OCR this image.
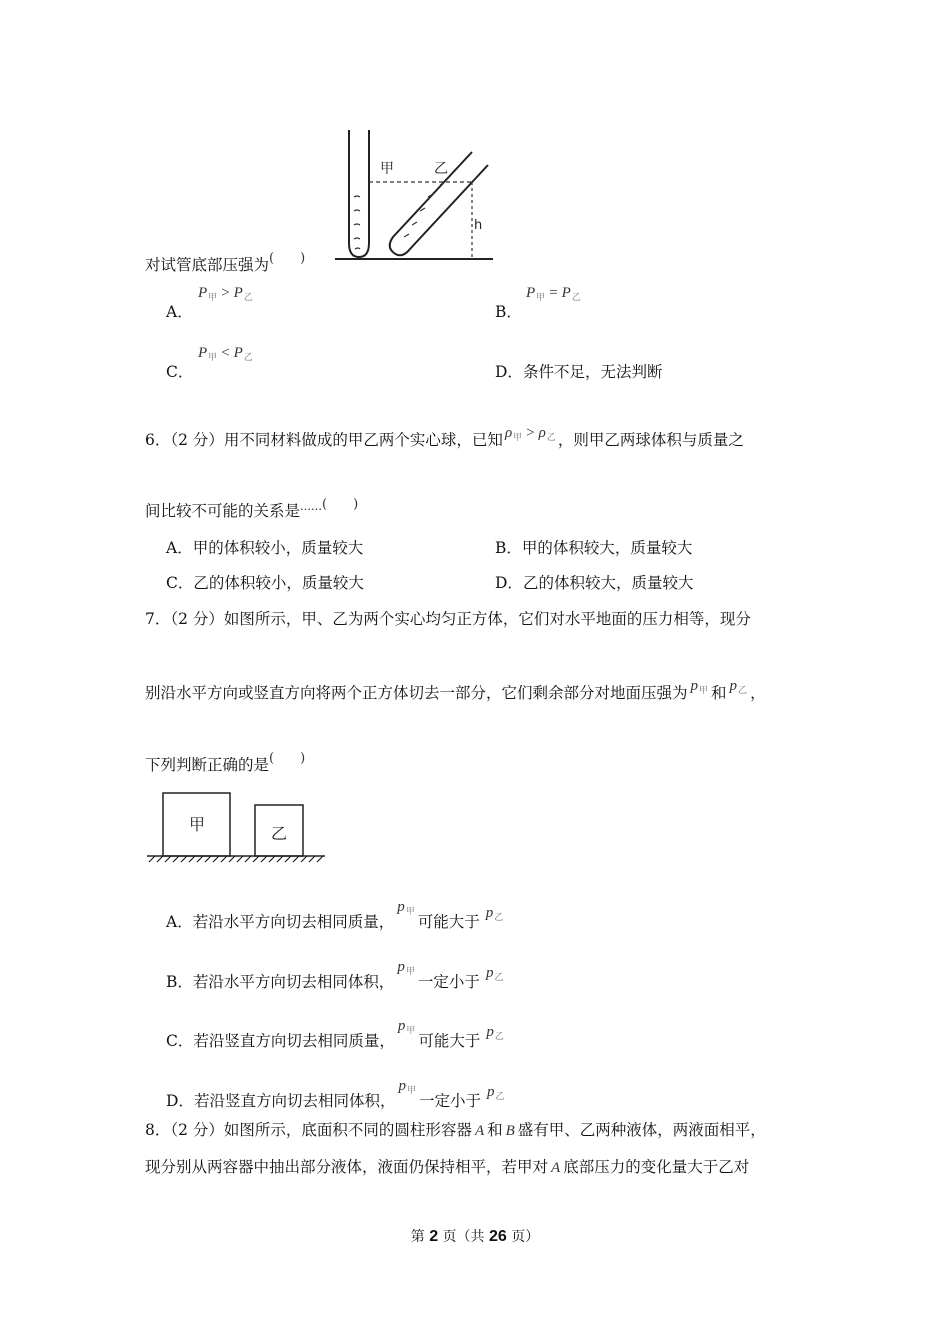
甲	乙
h
对试管底部压强为(　　)
A．
$P_甲 > P_乙$
B．
$P_甲 = P_乙$
C．
$P_甲 < P_乙$
D．条件不足，无法判断
6．（2 分）用不同材料做成的甲乙两个实心球，已知 $\rho_甲 > \rho_乙$ ，则甲乙两球体积与质量之
间比较不可能的关系是……(　　)
A．甲的体积较小，质量较大	B．甲的体积较大，质量较大
C．乙的体积较小，质量较大	D．乙的体积较大，质量较大
7．（2 分）如图所示，甲、乙为两个实心均匀正方体，它们对水平地面的压力相等，现分
别沿水平方向或竖直方向将两个正方体切去一部分，它们剩余部分对地面压强为 $p_甲$ 和 $p_乙$ ，
下列判断正确的是(　　)
甲	乙
A．若沿水平方向切去相同质量，$p_甲$可能大于 $p_乙$
B．若沿水平方向切去相同体积，$p_甲$一定小于 $p_乙$
C．若沿竖直方向切去相同质量，$p_甲$可能大于 $p_乙$
D．若沿竖直方向切去相同体积，$p_甲$一定小于 $p_乙$
8．（2 分）如图所示，底面积不同的圆柱形容器 A 和 B 盛有甲、乙两种液体，两液面相平，
现分别从两容器中抽出部分液体，液面仍保持相平，若甲对 A 底部压力的变化量大于乙对
第 2 页（共 26 页）
